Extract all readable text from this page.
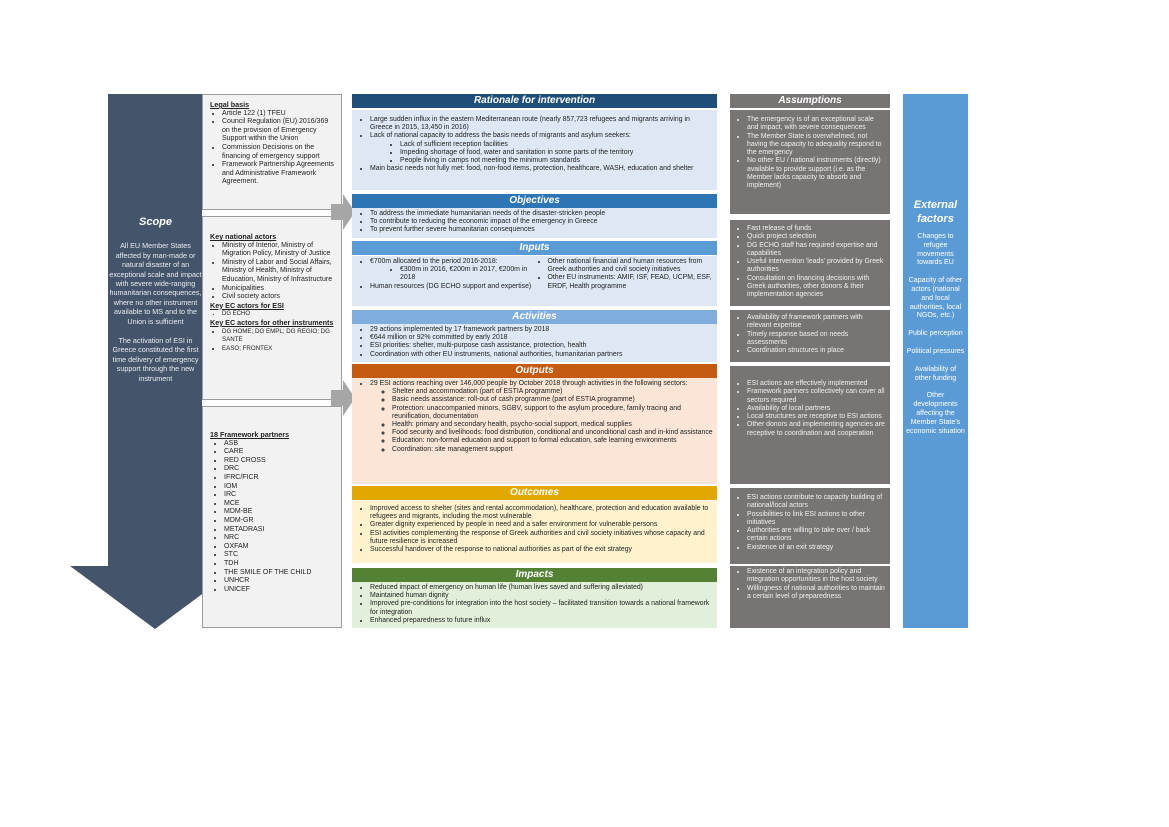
Scope

All EU Member States affected by man-made or natural disaster of an exceptional scale and impact with severe wide-ranging humanitarian consequences, where no other instrument available to MS and to the Union is sufficient

The activation of ESI in Greece constituted the first time delivery of emergency support through the new instrument

Legal basis
• Article 122 (1) TFEU
• Council Regulation (EU) 2016/369 on the provision of Emergency Support within the Union
• Commission Decisions on the financing of emergency support
• Framework Partnership Agreements and Administrative Framework Agreement.
Key national actors
• Ministry of Interior, Ministry of Migration Policy, Ministry of Justice
• Ministry of Labor and Social Affairs, Ministry of Health, Ministry of Education, Ministry of Infrastructure
• Municipalities
• Civil society actors
Key EC actors for ESI
• DG ECHO
Key EC actors for other instruments
• DG HOME; DG EMPL; DG REGIO; DG SANTE
• EASO; FRONTEX
18 Framework partners
• ASB
• CARE
• RED CROSS
• DRC
• IFRC/FICR
• IOM
• IRC
• MCE
• MDM-BE
• MDM-GR
• METADRASI
• NRC
• OXFAM
• STC
• TDH
• THE SMILE OF THE CHILD
• UNHCR
• UNICEF
Rationale for intervention
• Large sudden influx in the eastern Mediterranean route (nearly 857,723 refugees and migrants arriving in Greece in 2015, 13,450 in 2016)
• Lack of national capacity to address the basis needs of migrants and asylum seekers:
• Lack of sufficient reception facilities
• Impeding shortage of food, water and sanitation in some parts of the territory
• People living in camps not meeting the minimum standards
• Main basic needs not fully met: food, non-food items, protection, healthcare, WASH, education and shelter
Objectives
• To address the immediate humanitarian needs of the disaster-stricken people
• To contribute to reducing the economic impact of the emergency in Greece
• To prevent further severe humanitarian consequences
Inputs
• €700m allocated to the period 2016-2018:
• €300m in 2016, €200m in 2017, €200m in 2018
• Human resources (DG ECHO support and expertise)
• Other national financial and human resources from Greek authorities and civil society initiatives
• Other EU instruments: AMIF, ISF, FEAD, UCPM, ESF, ERDF, Health programme
Activities
• 29 actions implemented by 17 framework partners by 2018
• €644 million or 92% committed by early 2018
• ESI priorities: shelter, multi-purpose cash assistance, protection, health
• Coordination with other EU instruments, national authorities, humanitarian partners
Outputs
• 29 ESI actions reaching over 146,000 people by October 2018 through activities in the following sectors:
◦ Shelter and accommodation (part of ESTIA programme)
◦ Basic needs assistance: roll-out of cash programme (part of ESTIA programme)
◦ Protection: unaccompanied minors, SGBV, support to the asylum procedure, family tracing and reunification, documentation
◦ Health: primary and secondary health, psycho-social support, medical supplies
◦ Food security and livelihoods: food distribution, conditional and unconditional cash and in-kind assistance
◦ Education: non-formal education and support to formal education, safe learning environments
◦ Coordination: site management support
Outcomes
• Improved access to shelter (sites and rental accommodation), healthcare, protection and education available to refugees and migrants, including the most vulnerable
• Greater dignity experienced by people in need and a safer environment for vulnerable persons
• ESI activities complementing the response of Greek authorities and civil society initiatives whose capacity and future resilience is increased
• Successful handover of the response to national authorities as part of the exit strategy
Impacts
• Reduced impact of emergency on human life (human lives saved and suffering alleviated)
• Maintained human dignity
• Improved pre-conditions for integration into the host society – facilitated transition towards a national framework for integration
• Enhanced preparedness to future influx
Assumptions
• The emergency is of an exceptional scale and impact, with severe consequences
• The Member State is overwhelmed, not having the capacity to adequality respond to the emergency
• No other EU / national instruments (directly) available to provide support (i.e. as the Member lacks capacity to absorb and implement)
• Fast release of funds
• Quick project selection
• DG ECHO staff has required expertise and capabilities
• Useful intervention 'leads' provided by Greek authorities
• Consultation on financing decisions with Greek authorities, other donors & their implementation agencies
• Availability of framework partners with relevant expertise
• Timely response based on needs assessments
• Coordination structures in place
• ESI actions are effectively implemented
• Framework partners collectively can cover all sectors required
• Availability of local partners
• Local structures are receptive to ESI actions
• Other donors and implementing agencies are receptive to coordination and cooperation
• ESI actions contribute to capacity building of national/local actors
• Possibilities to link ESI actions to other initiatives
• Authorities are willing to take over / back certain actions
• Existence of an exit strategy
• Existence of an integration policy and integration opportunities in the host society
• Willingness of national authorities to maintain a certain level of preparedness
External factors
Changes to refugee movements towards EU
Capacity of other actors (national and local authorities, local NGOs, etc.)
Public perception
Political pressures
Availability of other funding
Other developments affecting the Member State's economic situation
